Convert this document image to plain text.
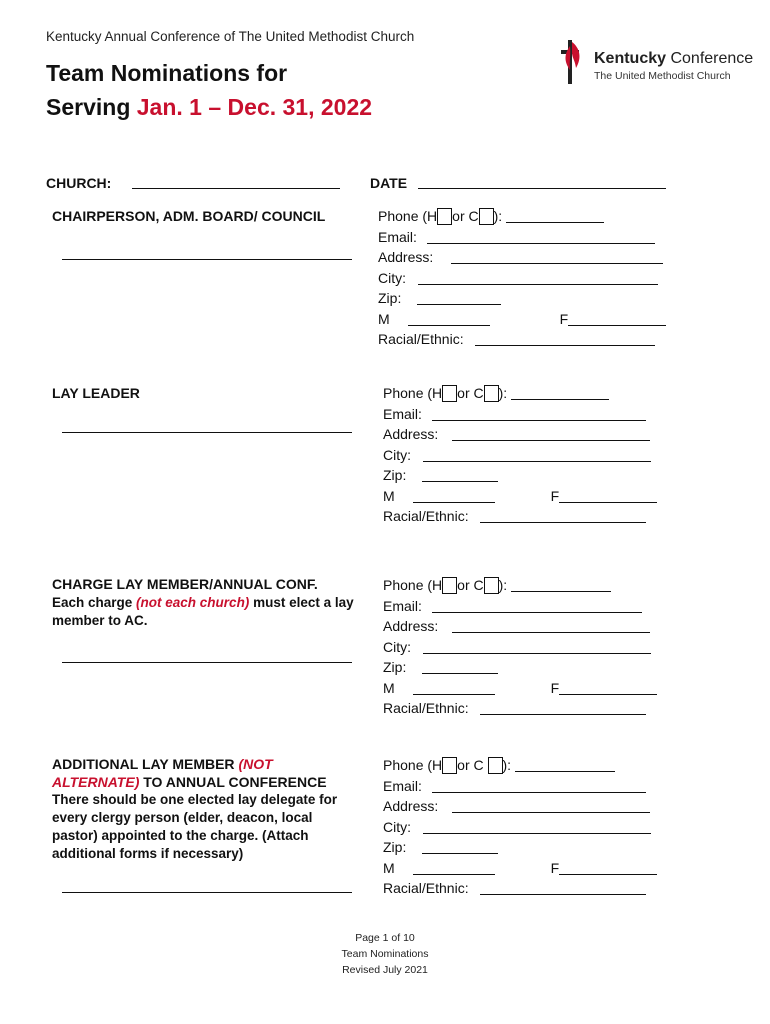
Kentucky Annual Conference of The United Methodist Church
Kentucky Conference
The United Methodist Church
Team Nominations for
Serving Jan. 1 – Dec. 31, 2022
CHURCH:	DATE
CHAIRPERSON, ADM. BOARD/ COUNCIL	Phone (H or C ):
Email:
Address:
City:
Zip:
M	F
Racial/Ethnic:
LAY LEADER	Phone (H or C ):
Email:
Address:
City:
Zip:
M	F
Racial/Ethnic:
CHARGE LAY MEMBER/ANNUAL CONF.
Each charge (not each church) must elect a lay member to AC.
Phone (H or C ):
Email:
Address:
City:
Zip:
M	F
Racial/Ethnic:
ADDITIONAL LAY MEMBER (NOT ALTERNATE) TO ANNUAL CONFERENCE
There should be one elected lay delegate for every clergy person (elder, deacon, local pastor) appointed to the charge. (Attach additional forms if necessary)
Phone (H or C ):
Email:
Address:
City:
Zip:
M	F
Racial/Ethnic:
Page 1 of 10
Team Nominations
Revised July 2021
